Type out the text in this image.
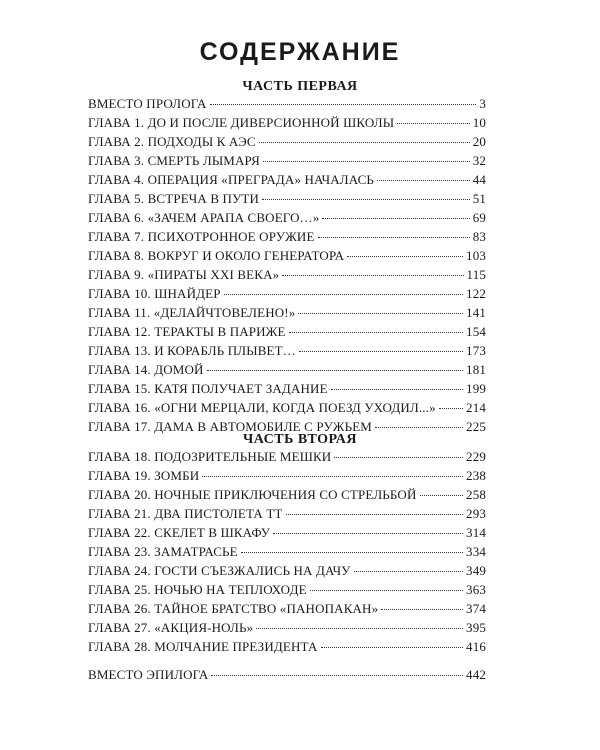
СОДЕРЖАНИЕ
ЧАСТЬ ПЕРВАЯ
ВМЕСТО ПРОЛОГА	3
ГЛАВА 1. ДО И ПОСЛЕ ДИВЕРСИОННОЙ ШКОЛЫ	10
ГЛАВА 2. ПОДХОДЫ К АЭС	20
ГЛАВА 3. СМЕРТЬ ЛЫМАРЯ	32
ГЛАВА 4. ОПЕРАЦИЯ «ПРЕГРАДА» НАЧАЛАСЬ	44
ГЛАВА 5. ВСТРЕЧА В ПУТИ	51
ГЛАВА 6. «ЗАЧЕМ АРАПА СВОЕГО…»	69
ГЛАВА 7. ПСИХОТРОННОЕ ОРУЖИЕ	83
ГЛАВА 8. ВОКРУГ И ОКОЛО ГЕНЕРАТОРА	103
ГЛАВА 9. «ПИРАТЫ XXI ВЕКА»	115
ГЛАВА 10. ШНАЙДЕР	122
ГЛАВА 11. «ДЕЛАЙЧТОВЕЛЕНО!»	141
ГЛАВА 12. ТЕРАКТЫ В ПАРИЖЕ	154
ГЛАВА 13. И КОРАБЛЬ ПЛЫВЕТ…	173
ГЛАВА 14. ДОМОЙ	181
ГЛАВА 15. КАТЯ ПОЛУЧАЕТ ЗАДАНИЕ	199
ГЛАВА 16. «ОГНИ МЕРЦАЛИ, КОГДА ПОЕЗД УХОДИЛ...» 214
ГЛАВА 17. ДАМА В АВТОМОБИЛЕ С РУЖЬЕМ	225
ЧАСТЬ ВТОРАЯ
ГЛАВА 18. ПОДОЗРИТЕЛЬНЫЕ МЕШКИ	229
ГЛАВА 19. ЗОМБИ	238
ГЛАВА 20. НОЧНЫЕ ПРИКЛЮЧЕНИЯ СО СТРЕЛЬБОЙ	258
ГЛАВА 21. ДВА ПИСТОЛЕТА ТТ	293
ГЛАВА 22. СКЕЛЕТ В ШКАФУ	314
ГЛАВА 23. ЗАМАТРАСЬЕ	334
ГЛАВА 24. ГОСТИ СЪЕЗЖАЛИСЬ НА ДАЧУ	349
ГЛАВА 25. НОЧЬЮ НА ТЕПЛОХОДЕ	363
ГЛАВА 26. ТАЙНОЕ БРАТСТВО «ПАНОПАКАН»	374
ГЛАВА 27. «АКЦИЯ-НОЛЬ»	395
ГЛАВА 28. МОЛЧАНИЕ ПРЕЗИДЕНТА	416
ВМЕСТО ЭПИЛОГА	442
